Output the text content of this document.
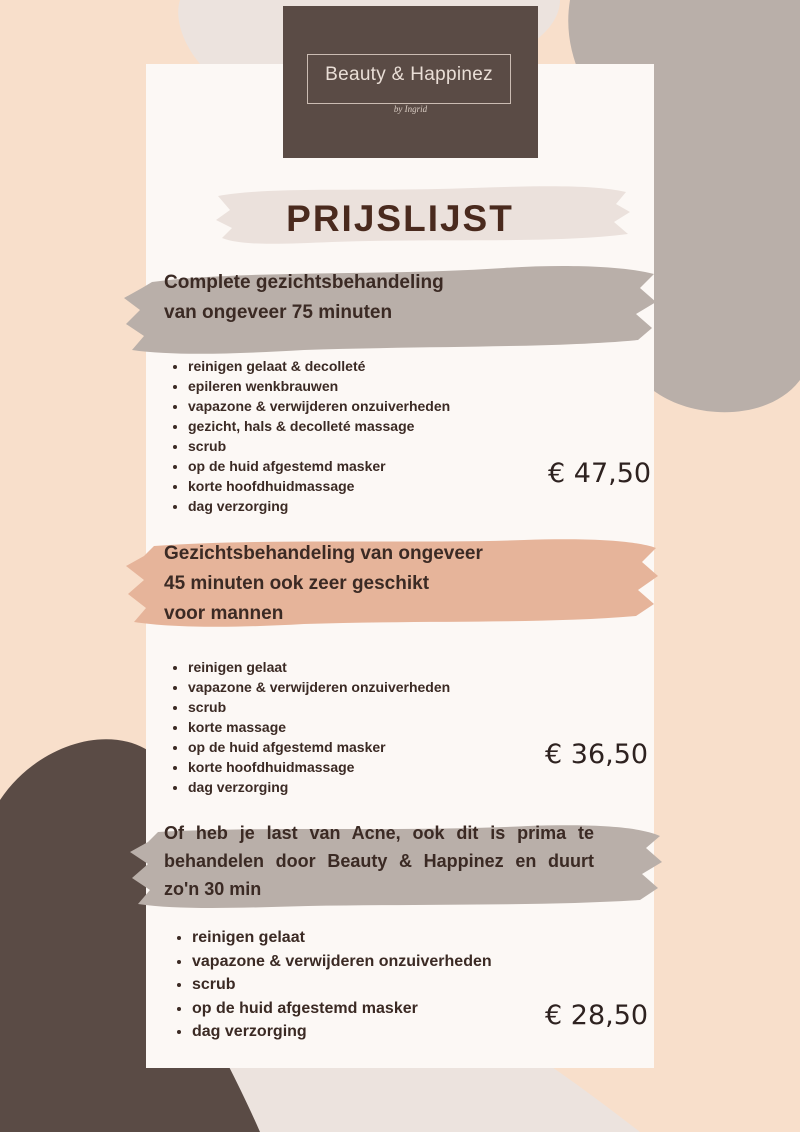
Beauty & Happinez
by Ingrid
PRIJSLIJST
Complete gezichtsbehandeling
van ongeveer 75 minuten
• reinigen gelaat & decolleté
• epileren wenkbrauwen
• vapazone & verwijderen onzuiverheden
• gezicht, hals & decolleté massage
• scrub
• op de huid afgestemd masker
• korte hoofdhuidmassage
• dag verzorging
€ 47,50
Gezichtsbehandeling van ongeveer
45 minuten ook zeer geschikt
voor mannen
• reinigen gelaat
• vapazone & verwijderen onzuiverheden
• scrub
• korte massage
• op de huid afgestemd masker
• korte hoofdhuidmassage
• dag verzorging
€ 36,50
Of heb je last van Acne, ook dit is prima te
behandelen door Beauty & Happinez en duurt
zo'n 30 min
• reinigen gelaat
• vapazone & verwijderen onzuiverheden
• scrub
• op de huid afgestemd masker
• dag verzorging
€ 28,50
